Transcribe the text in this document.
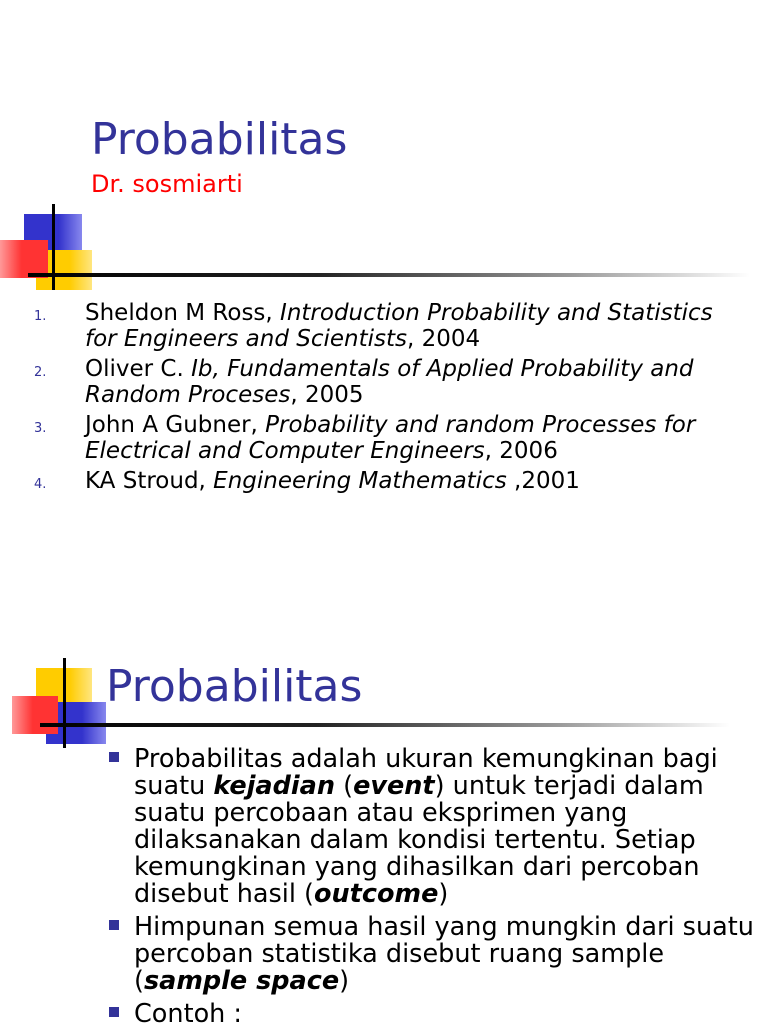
Probabilitas
Dr. sosmiarti
1. Sheldon M Ross, Introduction Probability and Statistics for Engineers and Scientists, 2004
2. Oliver C. Ib, Fundamentals of Applied Probability and Random Proceses, 2005
3. John A Gubner, Probability and random Processes for Electrical and Computer Engineers, 2006
4. KA Stroud, Engineering Mathematics ,2001
Probabilitas
Probabilitas adalah ukuran kemungkinan bagi suatu kejadian (event) untuk terjadi dalam suatu percobaan atau eksprimen yang dilaksanakan dalam kondisi tertentu. Setiap kemungkinan yang dihasilkan dari percoban disebut hasil (outcome)
Himpunan semua hasil yang mungkin dari suatu percoban statistika disebut ruang sample (sample space)
Contoh :
